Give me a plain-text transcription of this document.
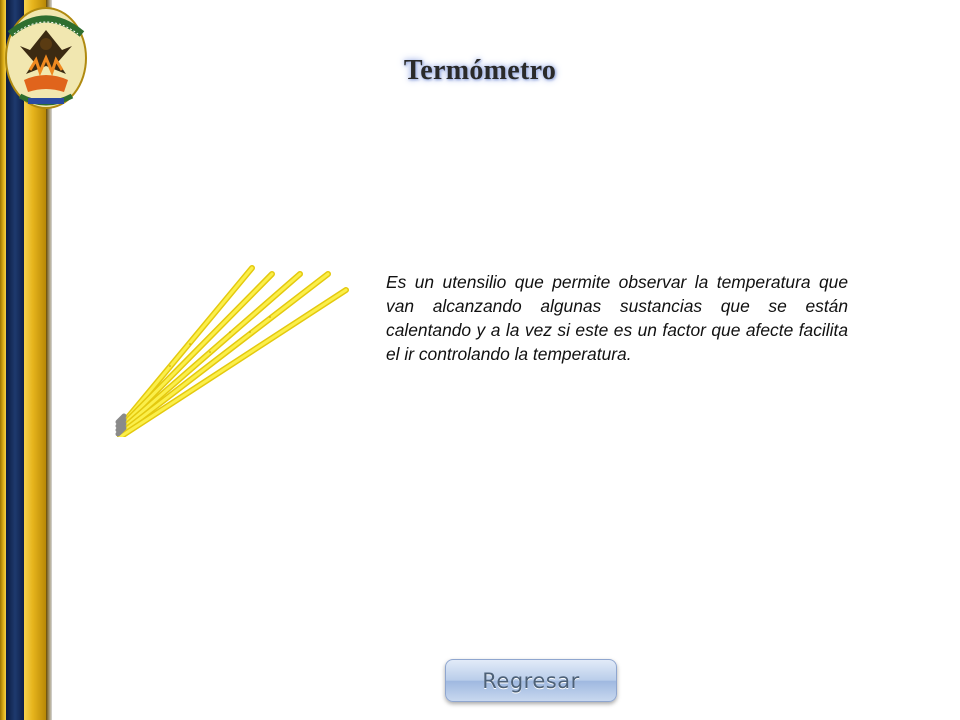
Termómetro

Es un utensilio que permite observar la temperatura que van alcanzando algunas sustancias que se están calentando y a la vez si este es un factor que afecte facilita el ir controlando la temperatura.

Regresar
